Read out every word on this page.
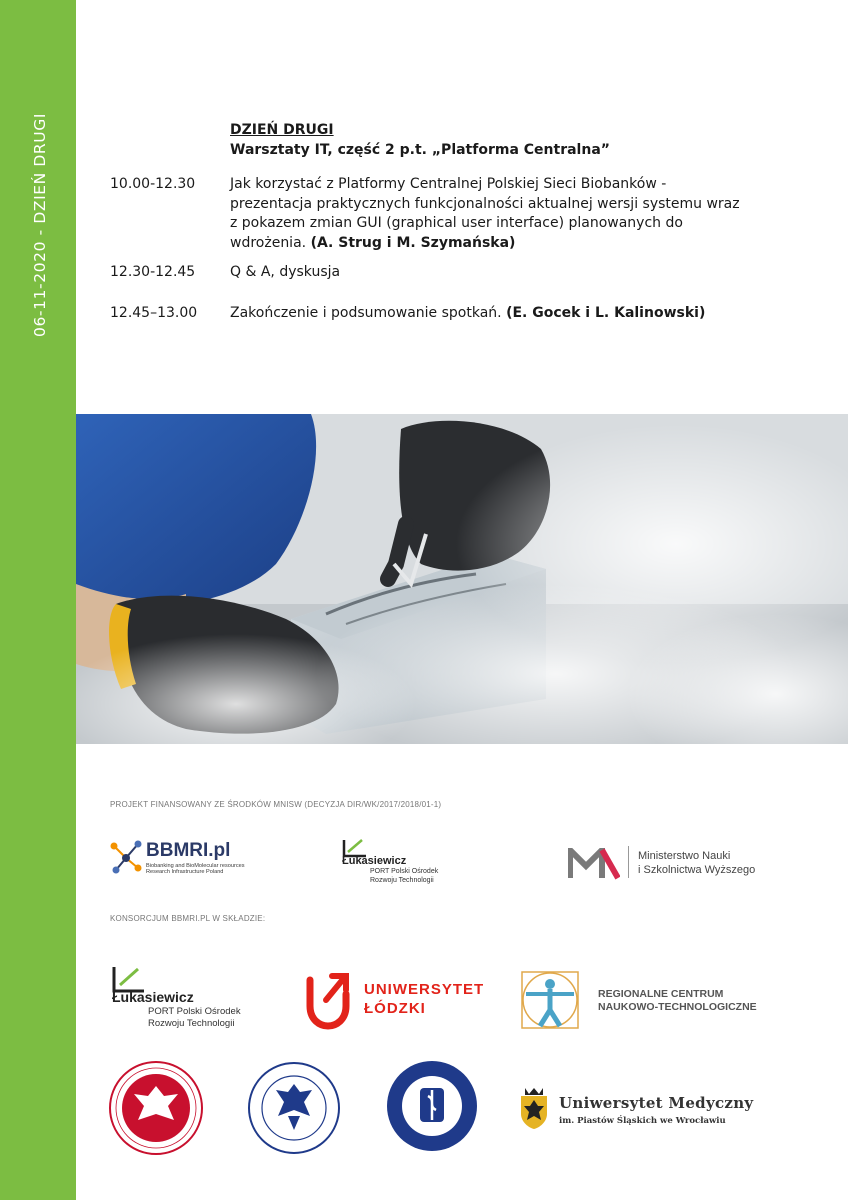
06-11-2020 - DZIEŃ DRUGI	DZIEŃ DRUGI
Warsztaty IT, część 2 p.t. „Platforma Centralna”
10.00-12.30	Jak korzystać z Platformy Centralnej Polskiej Sieci Biobanków - prezentacja praktycznych funkcjonalności aktualnej wersji systemu wraz z pokazem zmian GUI (graphical user interface) planowanych do wdrożenia. (A. Strug i M. Szymańska)
12.30-12.45	Q & A, dyskusja
12.45–13.00	Zakończenie i podsumowanie spotkań. (E. Gocek i L. Kalinowski)
PROJEKT FINANSOWANY ZE ŚRODKÓW MNISW (DECYZJA DIR/WK/2017/2018/01-1)
BBMRI.pl
Biobanking and BioMolecular resources Research Infrastructure Poland
Łukasiewicz
PORT Polski Ośrodek
Rozwoju Technologii
Ministerstwo Nauki
i Szkolnictwa Wyższego
KONSORCJUM BBMRI.PL W SKŁADZIE:
Łukasiewicz
PORT Polski Ośrodek
Rozwoju Technologii
UNIWERSYTET
ŁÓDZKI
REGIONALNE CENTRUM
NAUKOWO-TECHNOLOGICZNE
Uniwersytet Medyczny
im. Piastów Śląskich we Wrocławiu
